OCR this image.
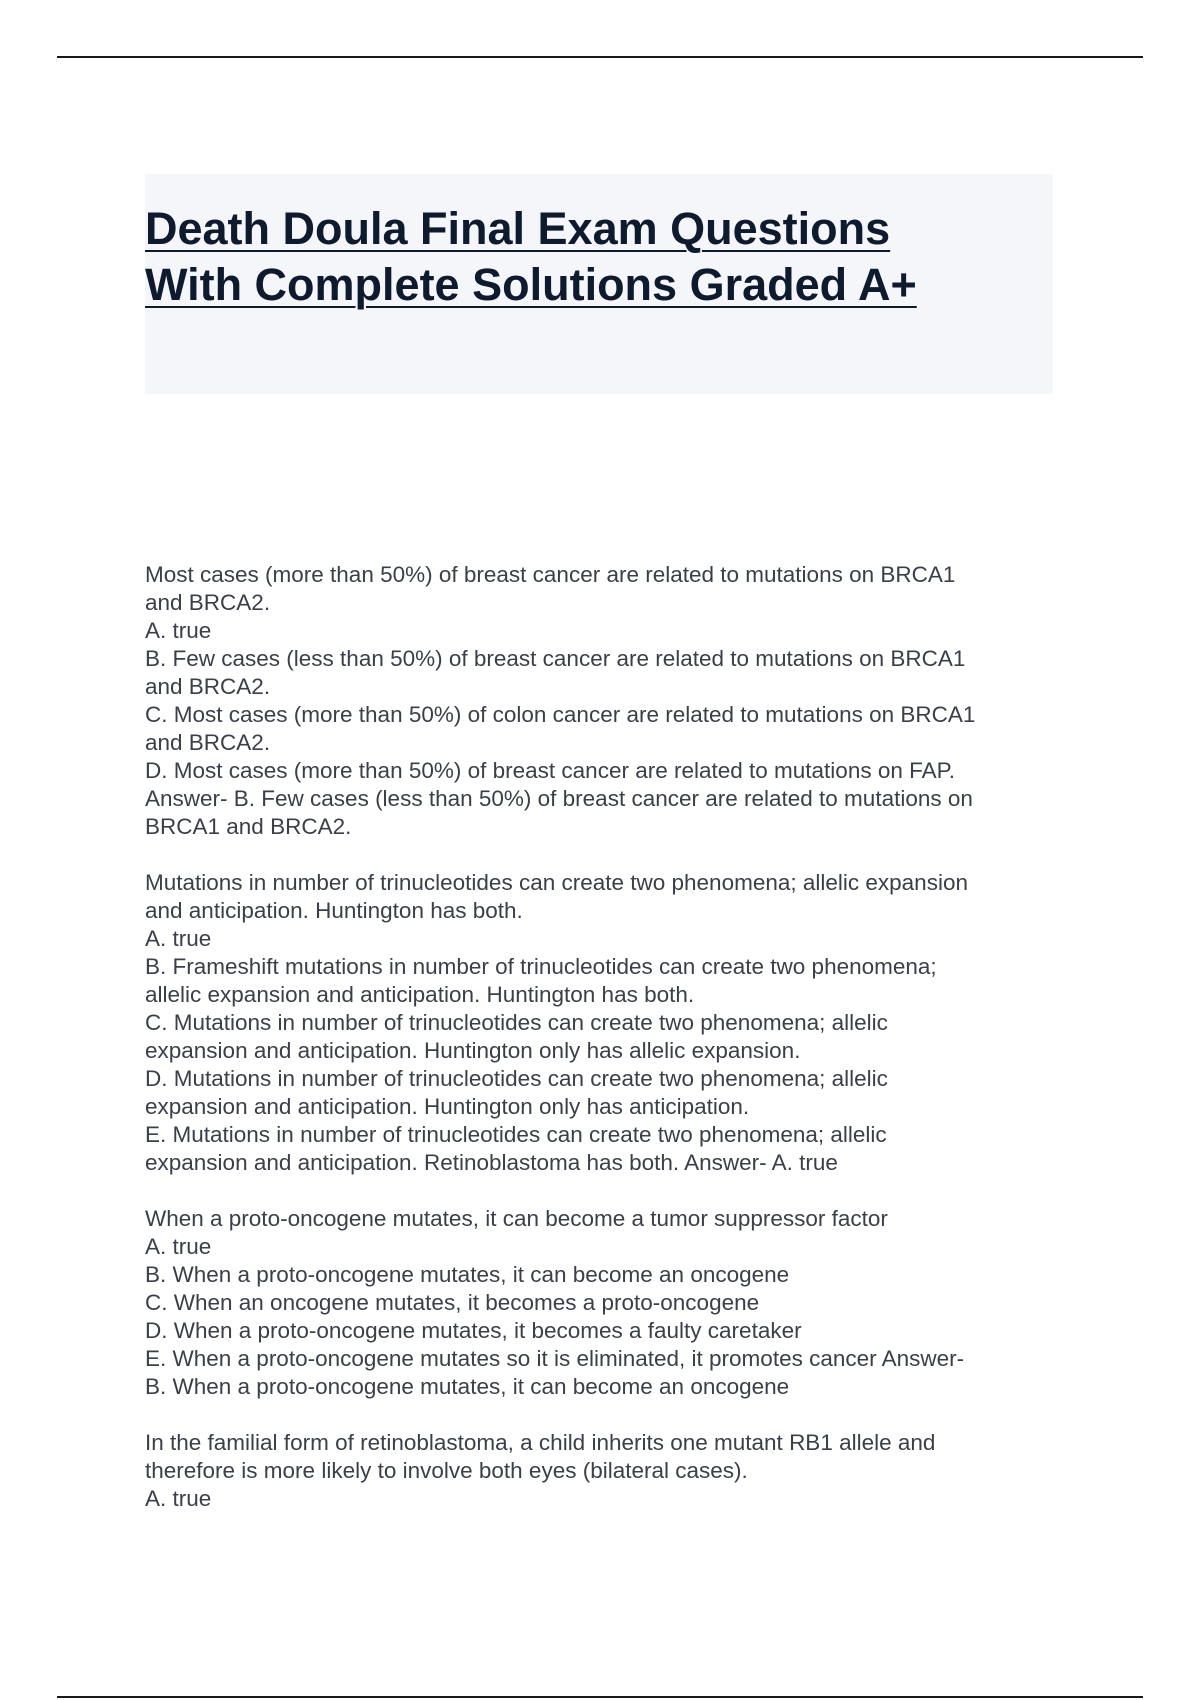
Death Doula Final Exam Questions
With Complete Solutions Graded A+

Most cases (more than 50%) of breast cancer are related to mutations on BRCA1

and BRCA2.

A. true

B. Few cases (less than 50%) of breast cancer are related to mutations on BRCA1

and BRCA2.

C. Most cases (more than 50%) of colon cancer are related to mutations on BRCA1

and BRCA2.

D. Most cases (more than 50%) of breast cancer are related to mutations on FAP.

Answer- B. Few cases (less than 50%) of breast cancer are related to mutations on

BRCA1 and BRCA2.

Mutations in number of trinucleotides can create two phenomena; allelic expansion

and anticipation. Huntington has both.

A. true

B. Frameshift mutations in number of trinucleotides can create two phenomena;

allelic expansion and anticipation. Huntington has both.

C. Mutations in number of trinucleotides can create two phenomena; allelic

expansion and anticipation. Huntington only has allelic expansion.

D. Mutations in number of trinucleotides can create two phenomena; allelic

expansion and anticipation. Huntington only has anticipation.

E. Mutations in number of trinucleotides can create two phenomena; allelic

expansion and anticipation. Retinoblastoma has both. Answer- A. true

When a proto-oncogene mutates, it can become a tumor suppressor factor

A. true

B. When a proto-oncogene mutates, it can become an oncogene

C. When an oncogene mutates, it becomes a proto-oncogene

D. When a proto-oncogene mutates, it becomes a faulty caretaker

E. When a proto-oncogene mutates so it is eliminated, it promotes cancer Answer-

B. When a proto-oncogene mutates, it can become an oncogene

In the familial form of retinoblastoma, a child inherits one mutant RB1 allele and

therefore is more likely to involve both eyes (bilateral cases).

A. true
